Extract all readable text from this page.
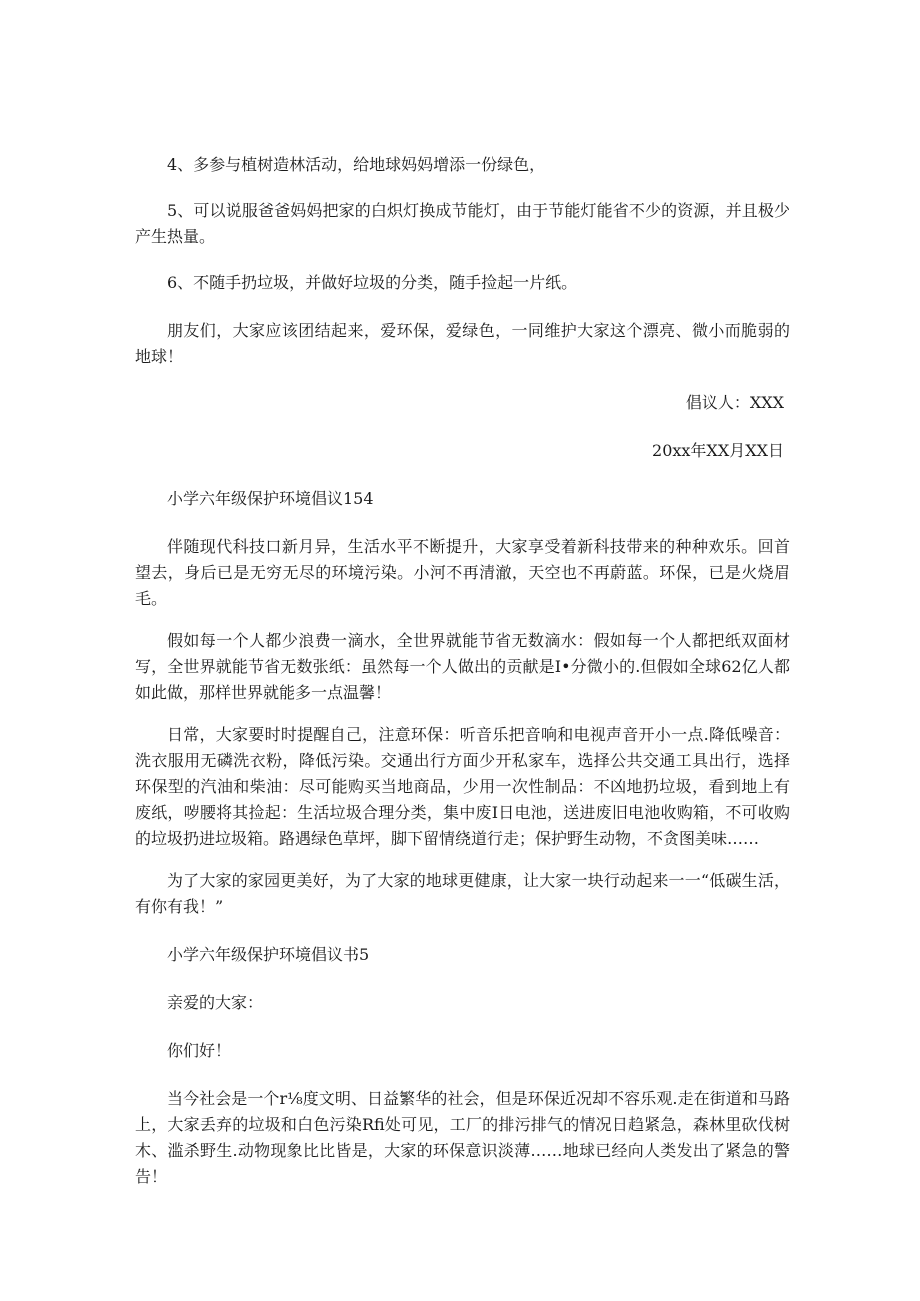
4、多参与植树造林活动，给地球妈妈增添一份绿色，

5、可以说服爸爸妈妈把家的白炽灯换成节能灯，由于节能灯能省不少的资源，并且极少产生热量。

6、不随手扔垃圾，并做好垃圾的分类，随手捡起一片纸。

朋友们，大家应该团结起来，爱环保，爱绿色，一同维护大家这个漂亮、微小而脆弱的地球！

倡议人：XXX

20xx年XX月XX日

小学六年级保护环境倡议154

伴随现代科技口新月异，生活水平不断提升，大家享受着新科技带来的种种欢乐。回首望去，身后已是无穷无尽的环境污染。小河不再清澈，天空也不再蔚蓝。环保，已是火烧眉毛。

假如每一个人都少浪费一滴水，全世界就能节省无数滴水：假如每一个人都把纸双面材写，全世界就能节省无数张纸：虽然每一个人做出的贡献是I•分微小的.但假如全球62亿人都如此做，那样世界就能多一点温馨！

日常，大家要时时提醒自己，注意环保：听音乐把音响和电视声音开小一点.降低噪音：洗衣服用无磷洗衣粉，降低污染。交通出行方面少开私家车，选择公共交通工具出行，选择环保型的汽油和柴油：尽可能购买当地商品，少用一次性制品：不凶地扔垃圾，看到地上有废纸，哕腰将其捡起：生活垃圾合理分类，集中废I日电池，送进废旧电池收购箱，不可收购的垃圾扔进垃圾箱。路遇绿色草坪，脚下留情绕道行走；保护野生动物，不贪图美味……

为了大家的家园更美好，为了大家的地球更健康，让大家一块行动起来一一“低碳生活，有你有我！”

小学六年级保护环境倡议书5

亲爱的大家：

你们好！

当今社会是一个r⅛度文明、日益繁华的社会，但是环保近况却不容乐观.走在街道和马路上，大家丢弃的垃圾和白色污染Rfi处可见，工厂的排污排气的情况日趋紧急，森林里砍伐树木、滥杀野生.动物现象比比皆是，大家的环保意识淡薄……地球已经向人类发出了紧急的警告！
